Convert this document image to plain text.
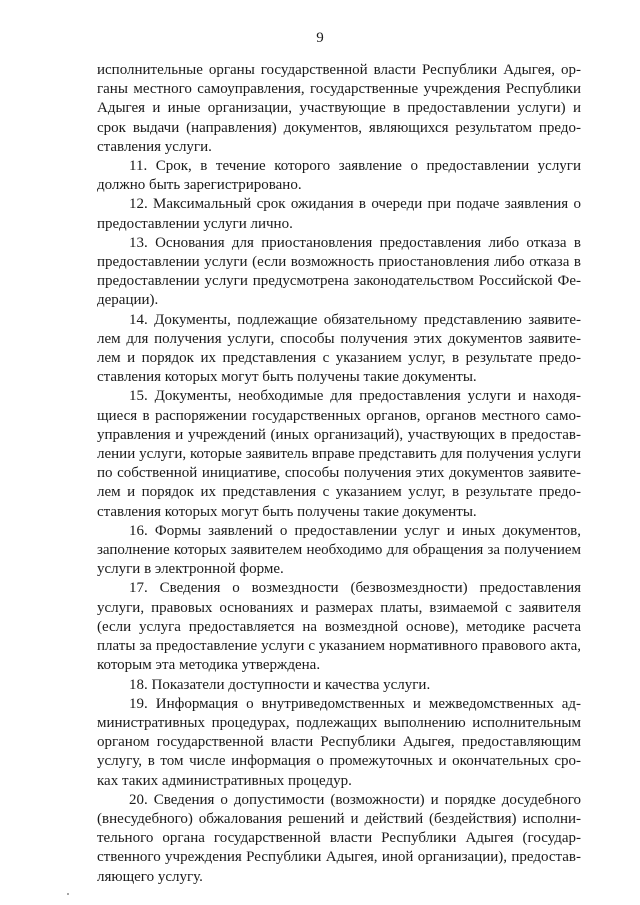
9

исполнительные органы государственной власти Республики Адыгея, ор-
ганы местного самоуправления, государственные учреждения Республики
Адыгея и иные организации, участвующие в предоставлении услуги) и
срок выдачи (направления) документов, являющихся результатом предо-
ставления услуги.

11. Срок, в течение которого заявление о предоставлении услуги
должно быть зарегистрировано.

12. Максимальный срок ожидания в очереди при подаче заявления о
предоставлении услуги лично.

13. Основания для приостановления предоставления либо отказа в
предоставлении услуги (если возможность приостановления либо отказа в
предоставлении услуги предусмотрена законодательством Российской Фе-
дерации).

14. Документы, подлежащие обязательному представлению заявите-
лем для получения услуги, способы получения этих документов заявите-
лем и порядок их представления с указанием услуг, в результате предо-
ставления которых могут быть получены такие документы.

15. Документы, необходимые для предоставления услуги и находя-
щиеся в распоряжении государственных органов, органов местного само-
управления и учреждений (иных организаций), участвующих в предостав-
лении услуги, которые заявитель вправе представить для получения услуги
по собственной инициативе, способы получения этих документов заявите-
лем и порядок их представления с указанием услуг, в результате предо-
ставления которых могут быть получены такие документы.

16. Формы заявлений о предоставлении услуг и иных документов,
заполнение которых заявителем необходимо для обращения за получением
услуги в электронной форме.

17. Сведения о возмездности (безвозмездности) предоставления
услуги, правовых основаниях и размерах платы, взимаемой с заявителя
(если услуга предоставляется на возмездной основе), методике расчета
платы за предоставление услуги с указанием нормативного правового акта,
которым эта методика утверждена.

18. Показатели доступности и качества услуги.

19. Информация о внутриведомственных и межведомственных ад-
министративных процедурах, подлежащих выполнению исполнительным
органом государственной власти Республики Адыгея, предоставляющим
услугу, в том числе информация о промежуточных и окончательных сро-
ках таких административных процедур.

20. Сведения о допустимости (возможности) и порядке досудебного
(внесудебного) обжалования решений и действий (бездействия) исполни-
тельного органа государственной власти Республики Адыгея (государ-
ственного учреждения Республики Адыгея, иной организации), предостав-
ляющего услугу.
